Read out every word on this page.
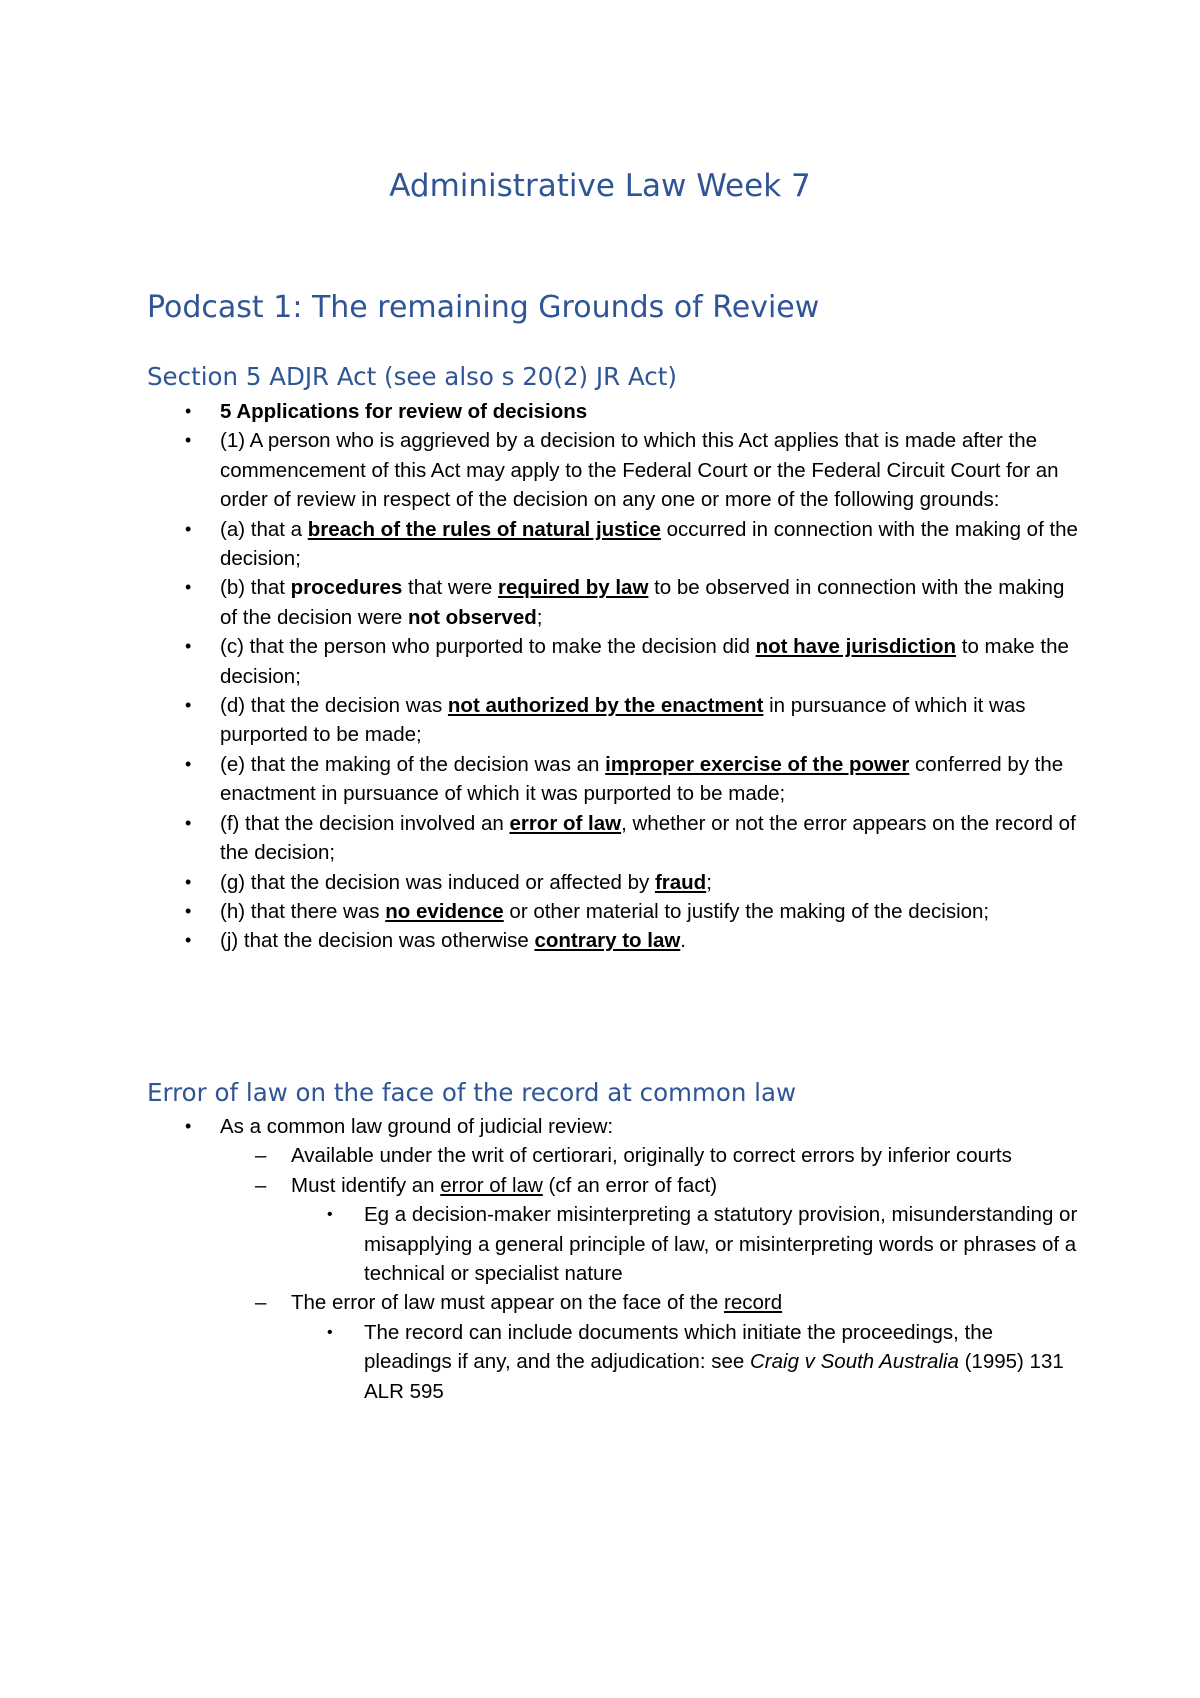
Administrative Law Week 7
Podcast 1: The remaining Grounds of Review
Section 5 ADJR Act (see also s 20(2) JR Act)
• 5 Applications for review of decisions
• (1) A person who is aggrieved by a decision to which this Act applies that is made after the commencement of this Act may apply to the Federal Court or the Federal Circuit Court for an order of review in respect of the decision on any one or more of the following grounds:
• (a) that a breach of the rules of natural justice occurred in connection with the making of the decision;
• (b) that procedures that were required by law to be observed in connection with the making of the decision were not observed;
• (c) that the person who purported to make the decision did not have jurisdiction to make the decision;
• (d) that the decision was not authorized by the enactment in pursuance of which it was purported to be made;
• (e) that the making of the decision was an improper exercise of the power conferred by the enactment in pursuance of which it was purported to be made;
• (f) that the decision involved an error of law, whether or not the error appears on the record of the decision;
• (g) that the decision was induced or affected by fraud;
• (h) that there was no evidence or other material to justify the making of the decision;
• (j) that the decision was otherwise contrary to law.
Error of law on the face of the record at common law
• As a common law ground of judicial review:
– Available under the writ of certiorari, originally to correct errors by inferior courts
– Must identify an error of law (cf an error of fact)
• Eg a decision-maker misinterpreting a statutory provision, misunderstanding or misapplying a general principle of law, or misinterpreting words or phrases of a technical or specialist nature
– The error of law must appear on the face of the record
• The record can include documents which initiate the proceedings, the pleadings if any, and the adjudication: see Craig v South Australia (1995) 131 ALR 595
